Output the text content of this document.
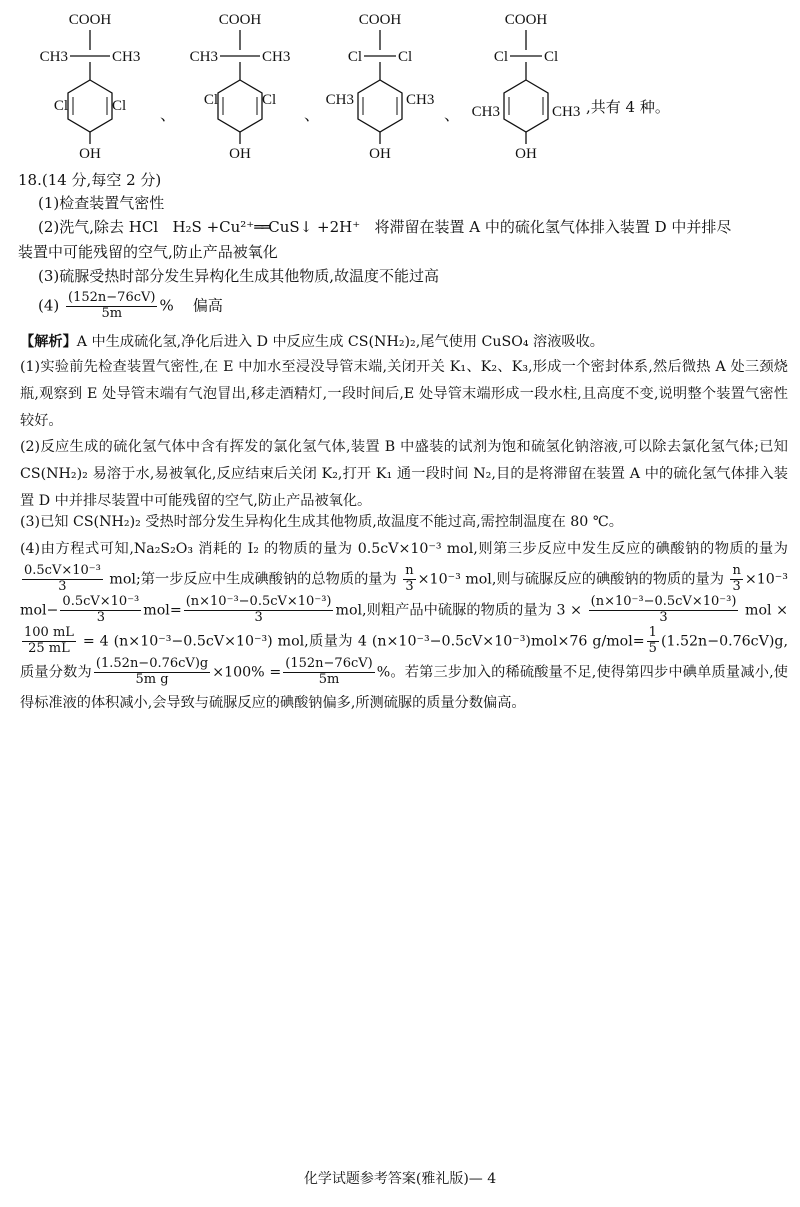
COOH
CH3	CH3
Cl	Cl
OH
、
COOH
CH3	CH3
Cl	Cl
OH
、
COOH
Cl Cl
CH3	CH3
OH
、
COOH
Cl Cl
CH3	CH3
OH
,共有 4 种。
18.(14 分,每空 2 分)
(1)检查装置气密性
(2)洗气,除去 HCl H₂S +Cu²⁺══CuS↓ +2H⁺ 将滞留在装置 A 中的硫化氢气体排入装置 D 中并排尽
装置中可能残留的空气,防止产品被氧化
(3)硫脲受热时部分发生异构化生成其他物质,故温度不能过高
$(4) \frac{(152n-76cV)}{5m}$ % 偏高
【解析】A 中生成硫化氢,净化后进入 D 中反应生成 CS(NH₂)₂,尾气使用 CuSO₄ 溶液吸收。
(1)实验前先检查装置气密性,在 E 中加水至浸没导管末端,关闭开关 K₁、K₂、K₃,形成一个密封体系,然后微热 A 处三颈烧瓶,观察到 E 处导管末端有气泡冒出,移走酒精灯,一段时间后,E 处导管末端形成一段水柱,且高度不变,说明整个装置气密性较好。
(2)反应生成的硫化氢气体中含有挥发的氯化氢气体,装置 B 中盛装的试剂为饱和硫氢化钠溶液,可以除去氯化氢气体;已知 CS(NH₂)₂ 易溶于水,易被氧化,反应结束后关闭 K₂,打开 K₁ 通一段时间 N₂,目的是将滞留在装置 A 中的硫化氢气体排入装置 D 中并排尽装置中可能残留的空气,防止产品被氧化。
(3)已知 CS(NH₂)₂ 受热时部分发生异构化生成其他物质,故温度不能过高,需控制温度在 80 ℃。
(4)由方程式可知,Na₂S₂O₃ 消耗的 I₂ 的物质的量为 0.5cV×10⁻³ mol,则第三步反应中发生反应的碘酸钠的物质的量为
$\frac{\text{0.5cV×10⁻³}}{3}$ mol;第一步反应中生成碘酸钠的总物质的量为 $\frac{n}{3} \times 10^{-3}$ mol,则与硫脲反应的碘酸钠的物质的量为 $\frac{n}{3} \times 10^{-3}$ $mol- \frac{\text{0.5cV×10⁻³}}{3} mol= \frac{\text{(n×10⁻³−0.5cV×10⁻³)}}{3}$ mol,则粗产品中硫脲的物质的量为 $3 \times \frac{\text{(n×10⁻³−0.5cV×10⁻³)}}{3}$ mol ×
$\frac{100 mL}{25 mL} = 4$ (n×10⁻³−0.5cV×10⁻³) mol,质量为 4 (n×10⁻³−0.5cV×10⁻³)mol×76 $g/mol= \frac{1}{5} (1.52n-0.76cV)g$,质量分数为 $\frac{(1.52n-0.76cV)g}{\text{5m g}} \times 100\% = \frac{(152n-76cV)}{5m}$ %。若第三步加入的稀硫酸量不足,使得第四步中碘单质量减小,使得标准液的体积减小,会导致与硫脲反应的碘酸钠偏多,所测硫脲的质量分数偏高。
化学试题参考答案(雅礼版)— 4
